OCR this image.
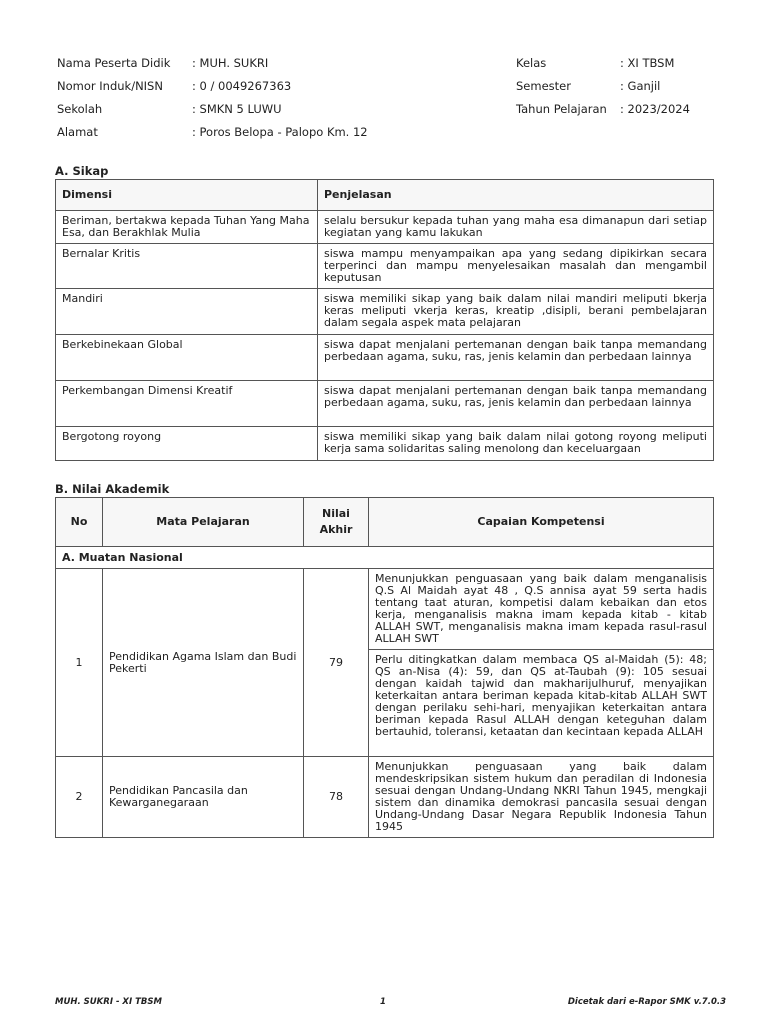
Nama Peserta Didik : MUH. SUKRI
Nomor Induk/NISN	: 0 / 0049267363
Sekolah	: SMKN 5 LUWU
Alamat	: Poros Belopa - Palopo Km. 12
Kelas	: XI TBSM
Semester	: Ganjil
Tahun Pelajaran : 2023/2024
A. Sikap
Dimensi	Penjelasan
Beriman, bertakwa kepada Tuhan Yang Maha Esa, dan Berakhlak Mulia	selalu bersukur kepada tuhan yang maha esa dimanapun dari setiap kegiatan yang kamu lakukan
Bernalar Kritis	siswa mampu menyampaikan apa yang sedang dipikirkan secara terperinci dan mampu menyelesaikan masalah dan mengambil keputusan
Mandiri	siswa memiliki sikap yang baik dalam nilai mandiri meliputi bkerja keras meliputi vkerja keras, kreatip ,disipli, berani pembelajaran dalam segala aspek mata pelajaran
Berkebinekaan Global	siswa dapat menjalani pertemanan dengan baik tanpa memandang perbedaan agama, suku, ras, jenis kelamin dan perbedaan lainnya
Perkembangan Dimensi Kreatif	siswa dapat menjalani pertemanan dengan baik tanpa memandang perbedaan agama, suku, ras, jenis kelamin dan perbedaan lainnya
Bergotong royong	siswa memiliki sikap yang baik dalam nilai gotong royong meliputi kerja sama solidaritas saling menolong dan keceluargaan
B. Nilai Akademik
No	Mata Pelajaran	Nilai Akhir	Capaian Kompetensi
A. Muatan Nasional			
1	Pendidikan Agama Islam dan Budi Pekerti	79	Menunjukkan penguasaan yang baik dalam menganalisis Q.S Al Maidah ayat 48 , Q.S annisa ayat 59 serta hadis tentang taat aturan, kompetisi dalam kebaikan dan etos kerja, menganalisis makna imam kepada kitab - kitab ALLAH SWT, menganalisis makna imam kepada rasul-rasul ALLAH SWT
			Perlu ditingkatkan dalam membaca QS al-Maidah (5): 48; QS an-Nisa (4): 59, dan QS at-Taubah (9): 105 sesuai dengan kaidah tajwid dan makharijulhuruf, menyajikan keterkaitan antara beriman kepada kitab-kitab ALLAH SWT dengan perilaku sehi-hari, menyajikan keterkaitan antara beriman kepada Rasul ALLAH dengan keteguhan dalam bertauhid, toleransi, ketaatan dan kecintaan kepada ALLAH
2	Pendidikan Pancasila dan Kewarganegaraan	78	Menunjukkan penguasaan yang baik dalam mendeskripsikan sistem hukum dan peradilan di Indonesia sesuai dengan Undang-Undang NKRI Tahun 1945, mengkaji sistem dan dinamika demokrasi pancasila sesuai dengan Undang-Undang Dasar Negara Republik Indonesia Tahun 1945
MUH. SUKRI - XI TBSM	1	Dicetak dari e-Rapor SMK v.7.0.3
